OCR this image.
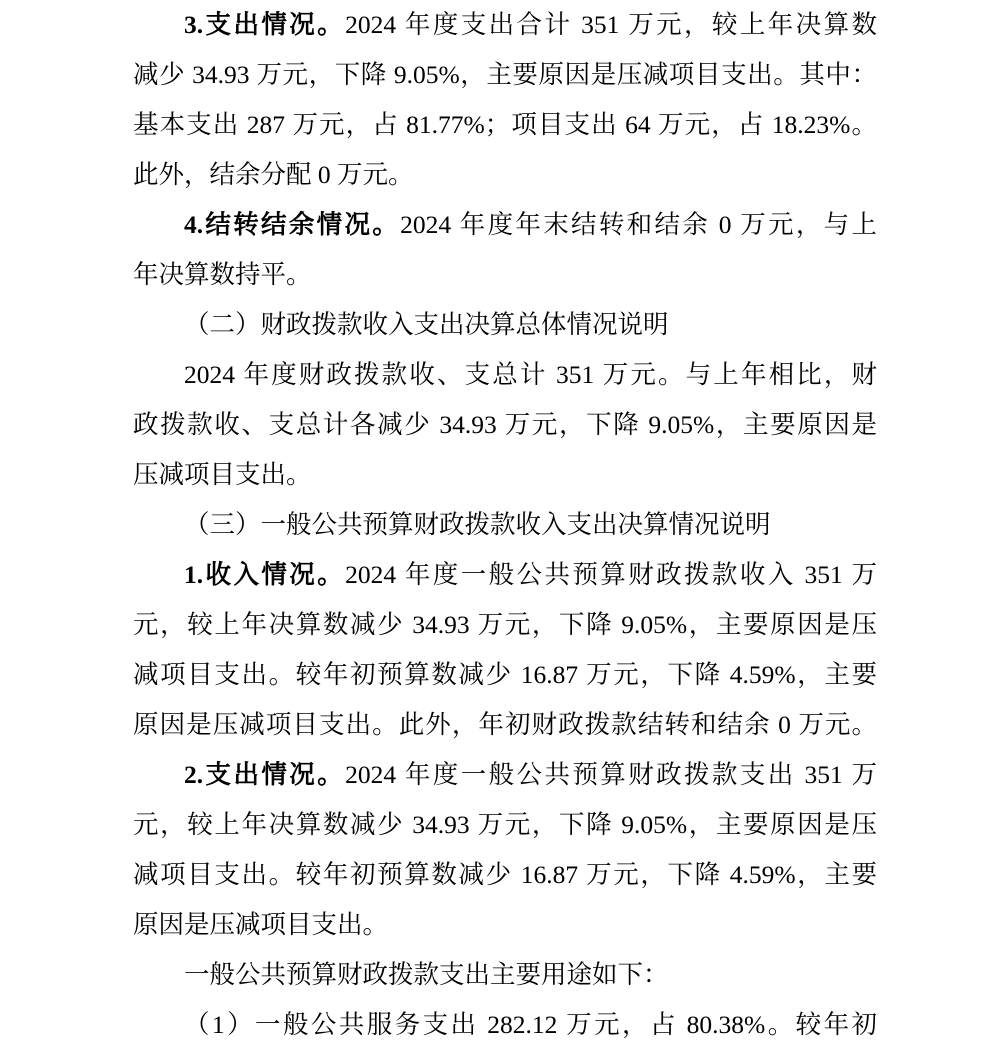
3.支出情况。2024 年度支出合计 351 万元，较上年决算数
减少 34.93 万元，下降 9.05%，主要原因是压减项目支出。其中：
基本支出 287 万元，占 81.77%；项目支出 64 万元，占 18.23%。
此外，结余分配 0 万元。
4.结转结余情况。2024 年度年末结转和结余 0 万元，与上
年决算数持平。
（二）财政拨款收入支出决算总体情况说明
2024 年度财政拨款收、支总计 351 万元。与上年相比，财
政拨款收、支总计各减少 34.93 万元，下降 9.05%，主要原因是
压减项目支出。
（三）一般公共预算财政拨款收入支出决算情况说明
1.收入情况。2024 年度一般公共预算财政拨款收入 351 万
元，较上年决算数减少 34.93 万元，下降 9.05%，主要原因是压
减项目支出。较年初预算数减少 16.87 万元，下降 4.59%，主要
原因是压减项目支出。此外，年初财政拨款结转和结余 0 万元。
2.支出情况。2024 年度一般公共预算财政拨款支出 351 万
元，较上年决算数减少 34.93 万元，下降 9.05%，主要原因是压
减项目支出。较年初预算数减少 16.87 万元，下降 4.59%，主要
原因是压减项目支出。
一般公共预算财政拨款支出主要用途如下：
（1）一般公共服务支出 282.12 万元，占 80.38%。较年初
